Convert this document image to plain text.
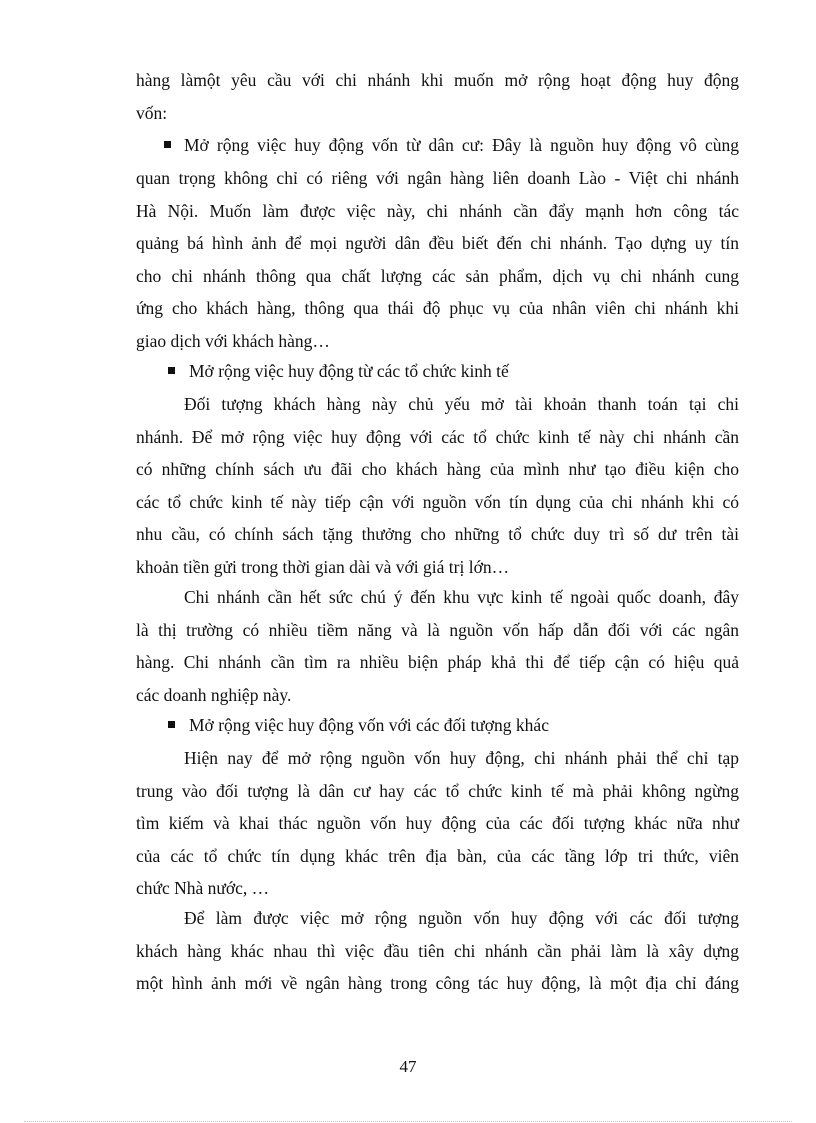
hàng làmột yêu cầu với chi nhánh khi muốn mở rộng hoạt động huy động
vốn:

Mở rộng việc huy động vốn từ dân cư: Đây là nguồn huy động vô cùng

quan trọng không chỉ có riêng với ngân hàng liên doanh Lào - Việt chi nhánh
Hà Nội. Muốn làm được việc này, chi nhánh cần đẩy mạnh hơn công tác
quảng bá hình ảnh để mọi người dân đều biết đến chi nhánh. Tạo dựng uy tín
cho chi nhánh thông qua chất lượng các sản phẩm, dịch vụ chi nhánh cung
ứng cho khách hàng, thông qua thái độ phục vụ của nhân viên chi nhánh khi
giao dịch với khách hàng…

Mở rộng việc huy động từ các tổ chức kinh tế

Đối tượng khách hàng này chủ yếu mở tài khoản thanh toán tại chi
nhánh. Để mở rộng việc huy động với các tổ chức kinh tế này chi nhánh cần
có những chính sách ưu đãi cho khách hàng của mình như tạo điều kiện cho
các tổ chức kinh tế này tiếp cận với nguồn vốn tín dụng của chi nhánh khi có
nhu cầu, có chính sách tặng thưởng cho những tổ chức duy trì số dư trên tài
khoản tiền gửi trong thời gian dài và với giá trị lớn…

Chi nhánh cần hết sức chú ý đến khu vực kinh tế ngoài quốc doanh, đây
là thị trường có nhiều tiềm năng và là nguồn vốn hấp dẫn đối với các ngân
hàng. Chi nhánh cần tìm ra nhiều biện pháp khả thi để tiếp cận có hiệu quả
các doanh nghiệp này.

Mở rộng việc huy động vốn với các đối tượng khác

Hiện nay để mở rộng nguồn vốn huy động, chi nhánh phải thể chỉ tạp
trung vào đối tượng là dân cư hay các tổ chức kinh tế mà phải không ngừng
tìm kiếm và khai thác nguồn vốn huy động của các đối tượng khác nữa như
của các tổ chức tín dụng khác trên địa bàn, của các tầng lớp tri thức, viên
chức Nhà nước, …

Để làm được việc mở rộng nguồn vốn huy động với các đối tượng
khách hàng khác nhau thì việc đầu tiên chi nhánh cần phải làm là xây dựng
một hình ảnh mới về ngân hàng trong công tác huy động, là một địa chỉ đáng

47
